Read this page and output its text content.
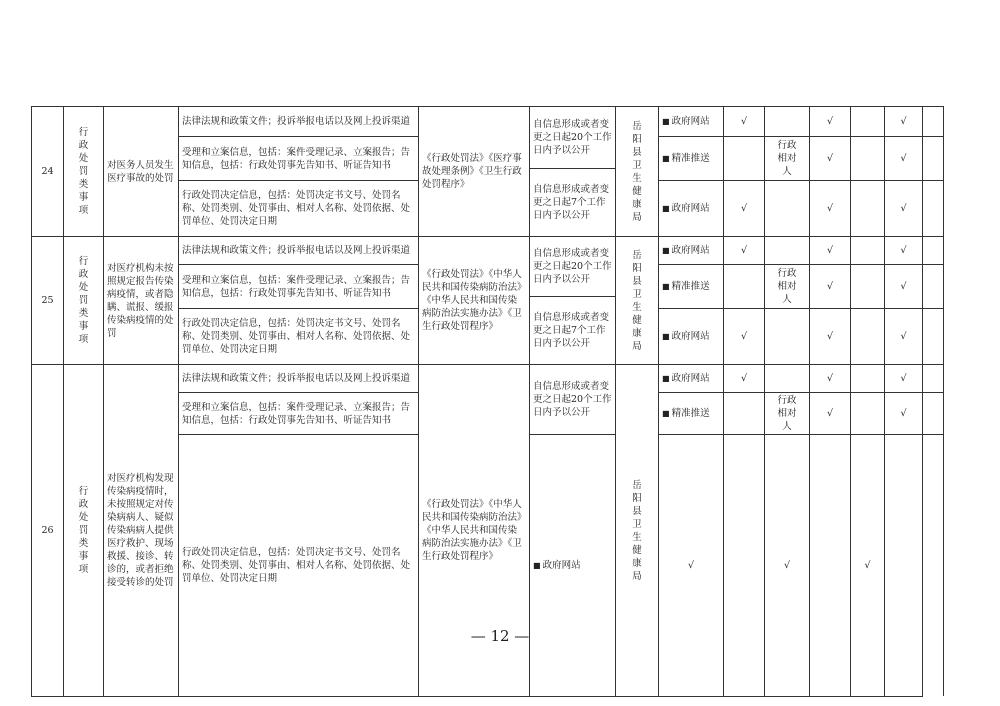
24	行政处罚类事项	对医务人员发生医疗事故的处罚	法律法规和政策文件；投诉举报电话以及网上投诉渠道	《行政处罚法》《医疗事故处理条例》《卫生行政处罚程序》	自信息形成或者变更之日起20个工作日内予以公开	岳阳县卫生健康局	■ 政府网站	√		√		√		
			受理和立案信息，包括：案件受理记录、立案报告；告知信息，包括：行政处罚事先告知书、听证告知书				■ 精准推送		行政相对人	√		√		

					自信息形成或者变更之日起7个工作日内予以公开									
			行政处罚决定信息，包括：处罚决定书文号、处罚名称、处罚类别、处罚事由、相对人名称、处罚依据、处罚单位、处罚决定日期				■ 政府网站	√		√		√		
25	行政处罚类事项	对医疗机构未按照规定报告传染病疫情，或者隐瞒、谎报、缓报传染病疫情的处罚	法律法规和政策文件；投诉举报电话以及网上投诉渠道	《行政处罚法》《中华人民共和国传染病防治法》《中华人民共和国传染病防治法实施办法》《卫生行政处罚程序》	自信息形成或者变更之日起20个工作日内予以公开	岳阳县卫生健康局	■ 政府网站	√		√		√		
			受理和立案信息，包括：案件受理记录、立案报告；告知信息，包括：行政处罚事先告知书、听证告知书				■ 精准推送		行政相对人	√		√		

					自信息形成或者变更之日起7个工作日内予以公开									
			行政处罚决定信息，包括：处罚决定书文号、处罚名称、处罚类别、处罚事由、相对人名称、处罚依据、处罚单位、处罚决定日期				■ 政府网站	√		√		√		
26	行政处罚类事项	对医疗机构发现传染病疫情时，未按照规定对传染病病人、疑似传染病病人提供医疗救护、现场救援、接诊、转诊的，或者拒绝接受转诊的处罚	法律法规和政策文件；投诉举报电话以及网上投诉渠道	《行政处罚法》《中华人民共和国传染病防治法》《中华人民共和国传染病防治法实施办法》《卫生行政处罚程序》	自信息形成或者变更之日起20个工作日内予以公开	岳阳县卫生健康局	■ 政府网站	√		√		√		
			受理和立案信息，包括：案件受理记录、立案报告；告知信息，包括：行政处罚事先告知书、听证告知书				■ 精准推送		行政相对人	√		√		

			行政处罚决定信息，包括：处罚决定书文号、处罚名称、处罚类别、处罚事由、相对人名称、处罚依据、处罚单位、处罚决定日期		■ 政府网站		√		√		√			

— 12 —
